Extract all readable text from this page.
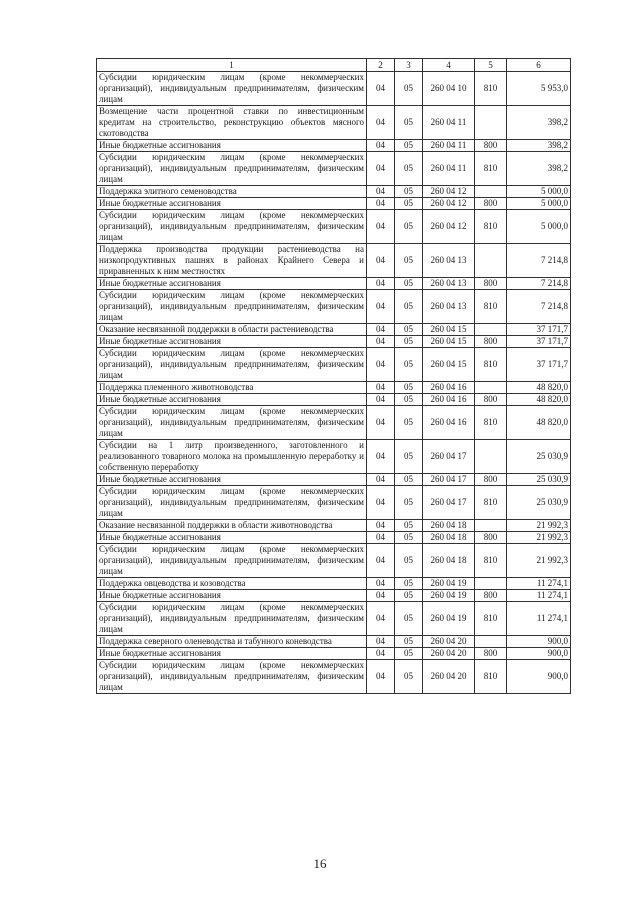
1	2	3	4	5	6
Субсидии юридическим лицам (кроме некоммерческих организаций), индивидуальным предпринимателям, физическим лицам	04	05	260 04 10	810	5 953,0
Возмещение части процентной ставки по инвестиционным кредитам на строительство, реконструкцию объектов мясного скотоводства	04	05	260 04 11		398,2
Иные бюджетные ассигнования	04	05	260 04 11	800	398,2
Субсидии юридическим лицам (кроме некоммерческих организаций), индивидуальным предпринимателям, физическим лицам	04	05	260 04 11	810	398,2
Поддержка элитного семеноводства	04	05	260 04 12		5 000,0
Иные бюджетные ассигнования	04	05	260 04 12	800	5 000,0
Субсидии юридическим лицам (кроме некоммерческих организаций), индивидуальным предпринимателям, физическим лицам	04	05	260 04 12	810	5 000,0
Поддержка производства продукции растениеводства на низкопродуктивных пашнях в районах Крайнего Севера и приравненных к ним местностях	04	05	260 04 13		7 214,8
Иные бюджетные ассигнования	04	05	260 04 13	800	7 214,8
Субсидии юридическим лицам (кроме некоммерческих организаций), индивидуальным предпринимателям, физическим лицам	04	05	260 04 13	810	7 214,8
Оказание несвязанной поддержки в области растениеводства	04	05	260 04 15		37 171,7
Иные бюджетные ассигнования	04	05	260 04 15	800	37 171,7
Субсидии юридическим лицам (кроме некоммерческих организаций), индивидуальным предпринимателям, физическим лицам	04	05	260 04 15	810	37 171,7
Поддержка племенного животноводства	04	05	260 04 16		48 820,0
Иные бюджетные ассигнования	04	05	260 04 16	800	48 820,0
Субсидии юридическим лицам (кроме некоммерческих организаций), индивидуальным предпринимателям, физическим лицам	04	05	260 04 16	810	48 820,0
Субсидии на 1 литр произведенного, заготовленного и реализованного товарного молока на промышленную переработку и собственную переработку	04	05	260 04 17		25 030,9
Иные бюджетные ассигнования	04	05	260 04 17	800	25 030,9
Субсидии юридическим лицам (кроме некоммерческих организаций), индивидуальным предпринимателям, физическим лицам	04	05	260 04 17	810	25 030,9
Оказание несвязанной поддержки в области животноводства	04	05	260 04 18		21 992,3
Иные бюджетные ассигнования	04	05	260 04 18	800	21 992,3
Субсидии юридическим лицам (кроме некоммерческих организаций), индивидуальным предпринимателям, физическим лицам	04	05	260 04 18	810	21 992,3
Поддержка овцеводства и козоводства	04	05	260 04 19		11 274,1
Иные бюджетные ассигнования	04	05	260 04 19	800	11 274,1
Субсидии юридическим лицам (кроме некоммерческих организаций), индивидуальным предпринимателям, физическим лицам	04	05	260 04 19	810	11 274,1
Поддержка северного оленеводства и табунного коневодства	04	05	260 04 20		900,0
Иные бюджетные ассигнования	04	05	260 04 20	800	900,0
Субсидии юридическим лицам (кроме некоммерческих организаций), индивидуальным предпринимателям, физическим лицам	04	05	260 04 20	810	900,0
16
